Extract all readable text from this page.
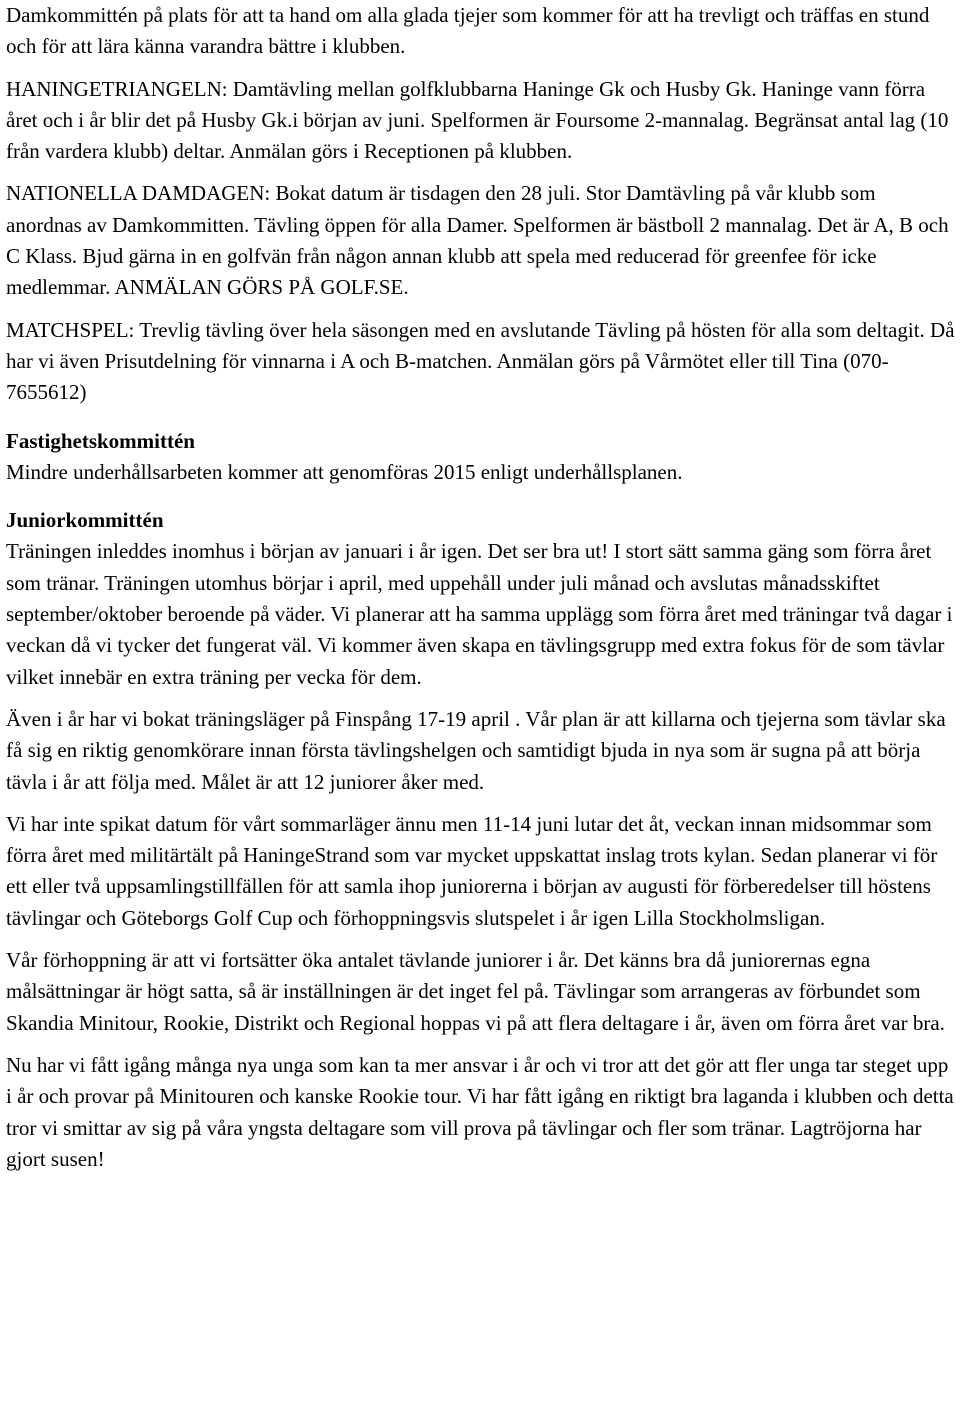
Damkommittén på plats för att ta hand om alla glada tjejer som kommer för att ha trevligt och träffas en stund och för att lära känna varandra bättre i klubben.

HANINGETRIANGELN: Damtävling mellan golfklubbarna Haninge Gk och Husby Gk. Haninge vann förra året och i år blir det på Husby Gk.i början av juni. Spelformen är Foursome 2-mannalag. Begränsat antal lag (10 från vardera klubb) deltar. Anmälan görs i Receptionen på klubben.

NATIONELLA DAMDAGEN: Bokat datum är tisdagen den 28 juli. Stor Damtävling på vår klubb som anordnas av Damkommitten. Tävling öppen för alla Damer. Spelformen är bästboll 2 mannalag. Det är A, B och C Klass. Bjud gärna in en golfvän från någon annan klubb att spela med reducerad för greenfee för icke medlemmar. ANMÄLAN GÖRS PÅ GOLF.SE.

MATCHSPEL: Trevlig tävling över hela säsongen med en avslutande Tävling på hösten för alla som deltagit. Då har vi även Prisutdelning för vinnarna i A och B-matchen. Anmälan görs på Vårmötet eller till Tina (070-7655612)

Fastighetskommittén

Mindre underhållsarbeten kommer att genomföras 2015 enligt underhållsplanen.

Juniorkommittén

Träningen inleddes inomhus i början av januari i år igen. Det ser bra ut! I stort sätt samma gäng som förra året som tränar. Träningen utomhus börjar i april, med uppehåll under juli månad och avslutas månadsskiftet september/oktober beroende på väder. Vi planerar att ha samma upplägg som förra året med träningar två dagar i veckan då vi tycker det fungerat väl. Vi kommer även skapa en tävlingsgrupp med extra fokus för de som tävlar vilket innebär en extra träning per vecka för dem.

Även i år har vi bokat träningsläger på Finspång 17-19 april . Vår plan är att killarna och tjejerna som tävlar ska få sig en riktig genomkörare innan första tävlingshelgen och samtidigt bjuda in nya som är sugna på att börja tävla i år att följa med. Målet är att 12 juniorer åker med.

Vi har inte spikat datum för vårt sommarläger ännu men 11-14 juni lutar det åt, veckan innan midsommar som förra året med militärtält på HaningeStrand som var mycket uppskattat inslag trots kylan. Sedan planerar vi för ett eller två uppsamlingstillfällen för att samla ihop juniorerna i början av augusti för förberedelser till höstens tävlingar och Göteborgs Golf Cup och förhoppningsvis slutspelet i år igen Lilla Stockholmsligan.

Vår förhoppning är att vi fortsätter öka antalet tävlande juniorer i år. Det känns bra då juniorernas egna målsättningar är högt satta, så är inställningen är det inget fel på. Tävlingar som arrangeras av förbundet som Skandia Minitour, Rookie, Distrikt och Regional hoppas vi på att flera deltagare i år, även om förra året var bra.

Nu har vi fått igång många nya unga som kan ta mer ansvar i år och vi tror att det gör att fler unga tar steget upp i år och provar på Minitouren och kanske Rookie tour. Vi har fått igång en riktigt bra laganda i klubben och detta tror vi smittar av sig på våra yngsta deltagare som vill prova på tävlingar och fler som tränar. Lagtröjorna har gjort susen!
